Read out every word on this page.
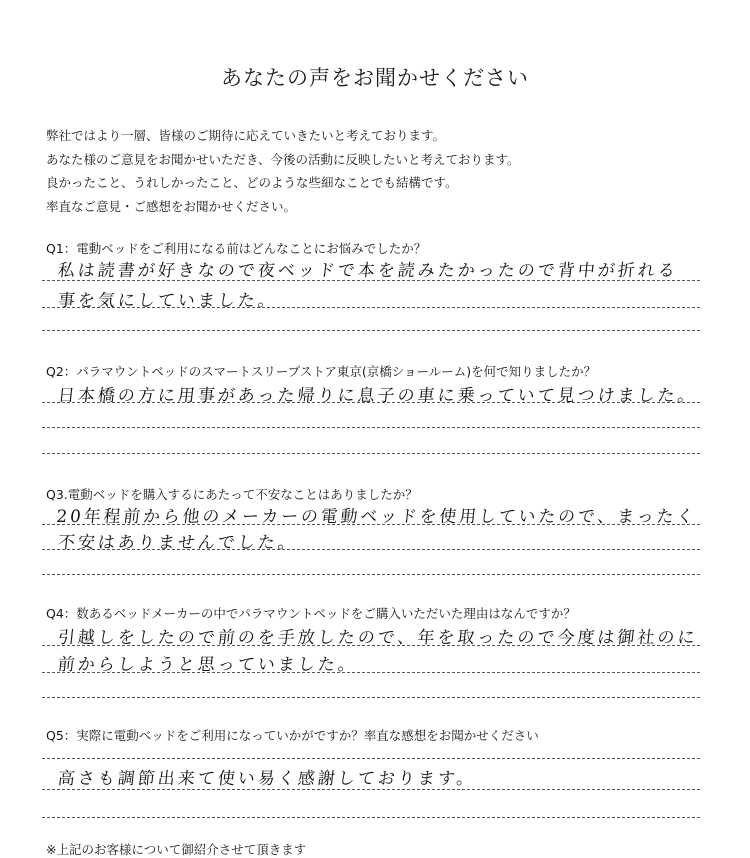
あなたの声をお聞かせください
弊社ではより一層、皆様のご期待に応えていきたいと考えております。
あなた様のご意見をお聞かせいただき、今後の活動に反映したいと考えております。
良かったこと、うれしかったこと、どのような些細なことでも結構です。
率直なご意見・ご感想をお聞かせください。
Q1：電動ベッドをご利用になる前はどんなことにお悩みでしたか？
私は読書が好きなので夜ベッドで本を読みたかったので背中が折れる
事を気にしていました。
Q2：パラマウントベッドのスマートスリープストア東京(京橋ショールーム)を何で知りましたか？
日本橋の方に用事があった帰りに息子の車に乗っていて見つけました。
Q3.電動ベッドを購入するにあたって不安なことはありましたか？
20年程前から他のメーカーの電動ベッドを使用していたので、まったく
不安はありませんでした。
Q4：数あるベッドメーカーの中でパラマウントベッドをご購入いただいた理由はなんですか？
引越しをしたので前のを手放したので、年を取ったので今度は御社のに
前からしようと思っていました。
Q5：実際に電動ベッドをご利用になっていかがですか？率直な感想をお聞かせください
高さも調節出来て使い易く感謝しております。
※上記のお客様について御紹介させて頂きます
